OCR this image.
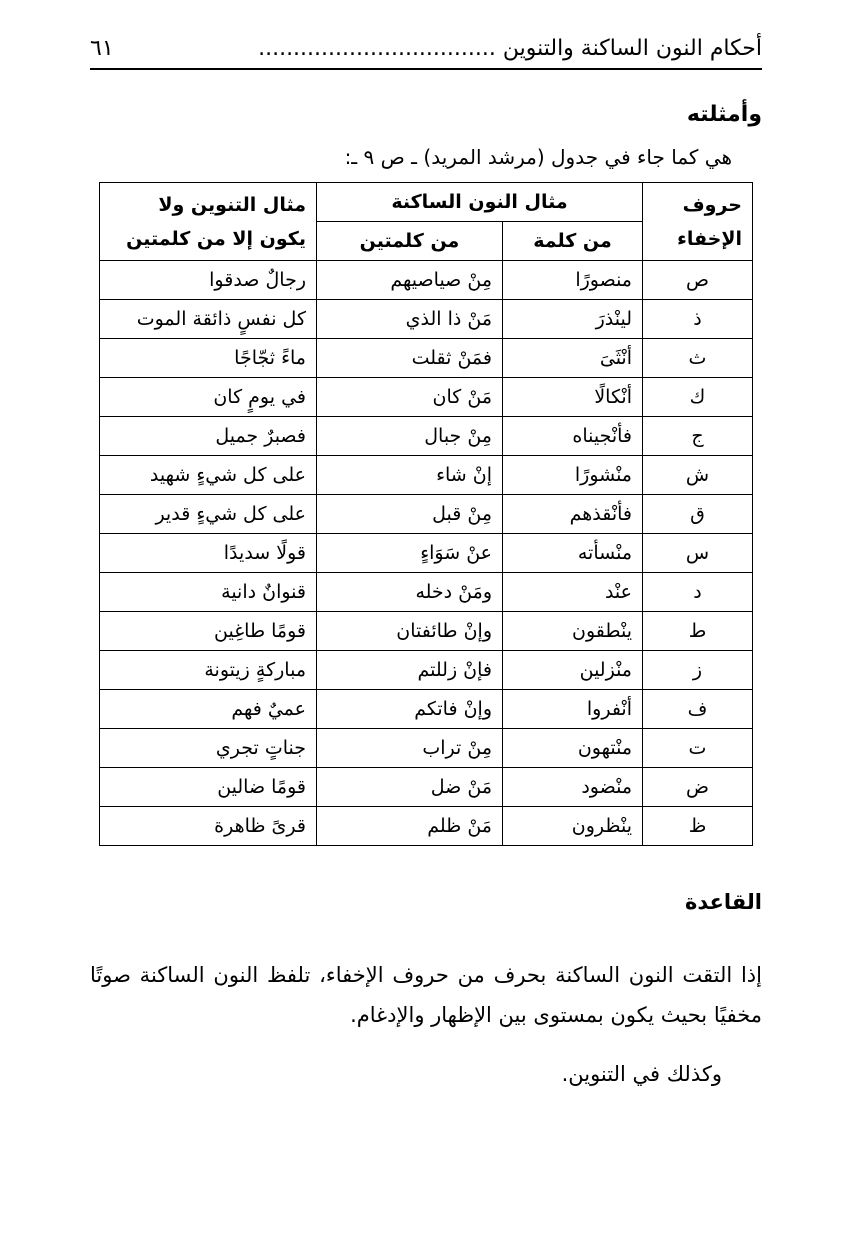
أحكام النون الساكنة والتنوين ..................................
٦١
وأمثلته
هي كما جاء في جدول (مرشد المريد) ـ ص ٩ ـ:
حروف الإخفاء	مثال النون الساكنة		مثال التنوين ولا يكون إلا من كلمتين
	من كلمة	من كلمتين	
ص	منصورًا	مِنْ صياصيهم	رجالٌ صدقوا
ذ	لينْذرَ	مَنْ ذا الذي	كل نفسٍ ذائقة الموت
ث	أنْثَىَ	فمَنْ ثقلت	ماءً ثجّاجًا
ك	أنْكالًا	مَنْ كان	في يومٍ كان
ج	فأنْجيناه	مِنْ جبال	فصبرٌ جميل
ش	منْشورًا	إنْ شاء	على كل شيءٍ شهيد
ق	فأنْقذهم	مِنْ قبل	على كل شيءٍ قدير
س	منْسأته	عنْ سَوَاءٍ	قولًا سديدًا
د	عنْد	ومَنْ دخله	قنوانٌ دانية
ط	ينْطقون	وإنْ طائفتان	قومًا طاغِين
ز	منْزلين	فإنْ زللتم	مباركةٍ زيتونة
ف	أنْفروا	وإنْ فاتكم	عميٌ فهم
ت	منْتهون	مِنْ تراب	جناتٍ تجري
ض	منْضود	مَنْ ضل	قومًا ضالين
ظ	ينْظرون	مَنْ ظلم	قرىً ظاهرة
القاعدة
إذا التقت النون الساكنة بحرف من حروف الإخفاء، تلفظ النون الساكنة صوتًا مخفيًا بحيث يكون بمستوى بين الإظهار والإدغام.
وكذلك في التنوين.
